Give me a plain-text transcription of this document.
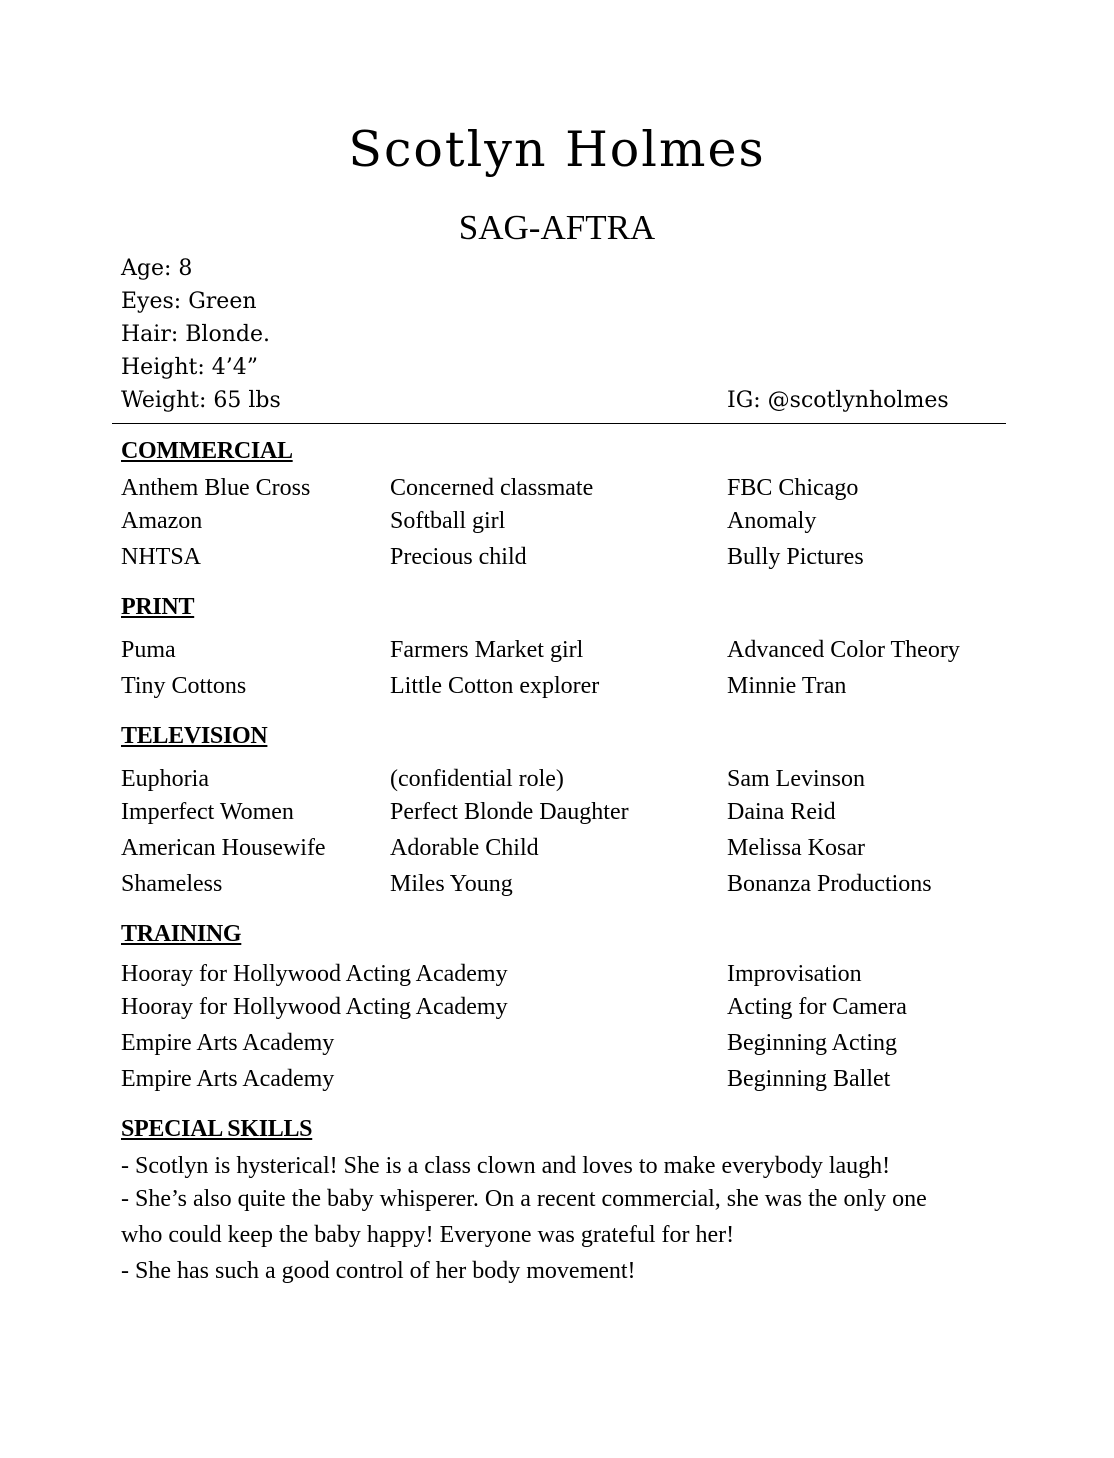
Scotlyn Holmes
SAG-AFTRA
Age: 8
Eyes: Green
Hair: Blonde.
Height: 4’4”
Weight: 65 lbs	IG: @scotlynholmes
COMMERCIAL
Anthem Blue Cross	Concerned classmate	FBC Chicago
Amazon	Softball girl	Anomaly
NHTSA	Precious child	Bully Pictures
PRINT
Puma	Farmers Market girl	Advanced Color Theory
Tiny Cottons	Little Cotton explorer	Minnie Tran
TELEVISION
Euphoria	(confidential role)	Sam Levinson
Imperfect Women	Perfect Blonde Daughter	Daina Reid
American Housewife	Adorable Child	Melissa Kosar
Shameless	Miles Young	Bonanza Productions
TRAINING
Hooray for Hollywood Acting Academy	Improvisation
Hooray for Hollywood Acting Academy	Acting for Camera
Empire Arts Academy	Beginning Acting
Empire Arts Academy	Beginning Ballet
SPECIAL SKILLS
- Scotlyn is hysterical! She is a class clown and loves to make everybody laugh!
- She’s also quite the baby whisperer. On a recent commercial, she was the only one
who could keep the baby happy! Everyone was grateful for her!
- She has such a good control of her body movement!
